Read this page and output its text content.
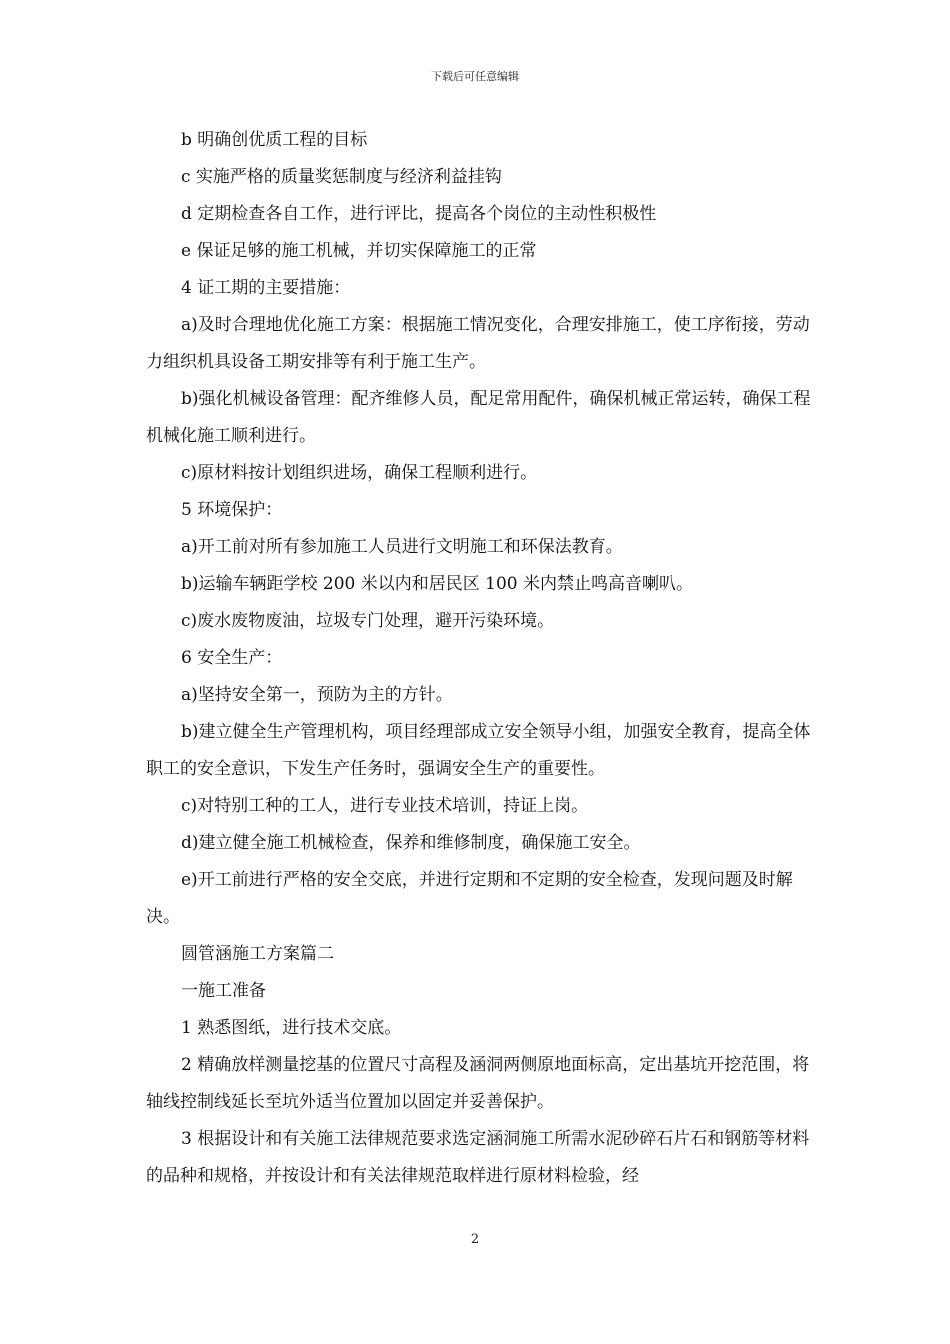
下载后可任意编辑

b 明确创优质工程的目标

c 实施严格的质量奖惩制度与经济利益挂钩

d 定期检查各自工作，进行评比，提高各个岗位的主动性积极性

e 保证足够的施工机械，并切实保障施工的正常

4 证工期的主要措施：

a)及时合理地优化施工方案：根据施工情况变化，合理安排施工，使工序衔接，劳动力组织机具设备工期安排等有利于施工生产。

b)强化机械设备管理：配齐维修人员，配足常用配件，确保机械正常运转，确保工程机械化施工顺利进行。

c)原材料按计划组织进场，确保工程顺利进行。

5 环境保护：

a)开工前对所有参加施工人员进行文明施工和环保法教育。

b)运输车辆距学校 200 米以内和居民区 100 米内禁止鸣高音喇叭。

c)废水废物废油，垃圾专门处理，避开污染环境。

6 安全生产：

a)坚持安全第一，预防为主的方针。

b)建立健全生产管理机构，项目经理部成立安全领导小组，加强安全教育，提高全体职工的安全意识，下发生产任务时，强调安全生产的重要性。

c)对特别工种的工人，进行专业技术培训，持证上岗。

d)建立健全施工机械检查，保养和维修制度，确保施工安全。

e)开工前进行严格的安全交底，并进行定期和不定期的安全检查，发现问题及时解决。

圆管涵施工方案篇二

一施工准备

1 熟悉图纸，进行技术交底。

2 精确放样测量挖基的位置尺寸高程及涵洞两侧原地面标高，定出基坑开挖范围，将轴线控制线延长至坑外适当位置加以固定并妥善保护。

3 根据设计和有关施工法律规范要求选定涵洞施工所需水泥砂碎石片石和钢筋等材料的品种和规格，并按设计和有关法律规范取样进行原材料检验，经

2
